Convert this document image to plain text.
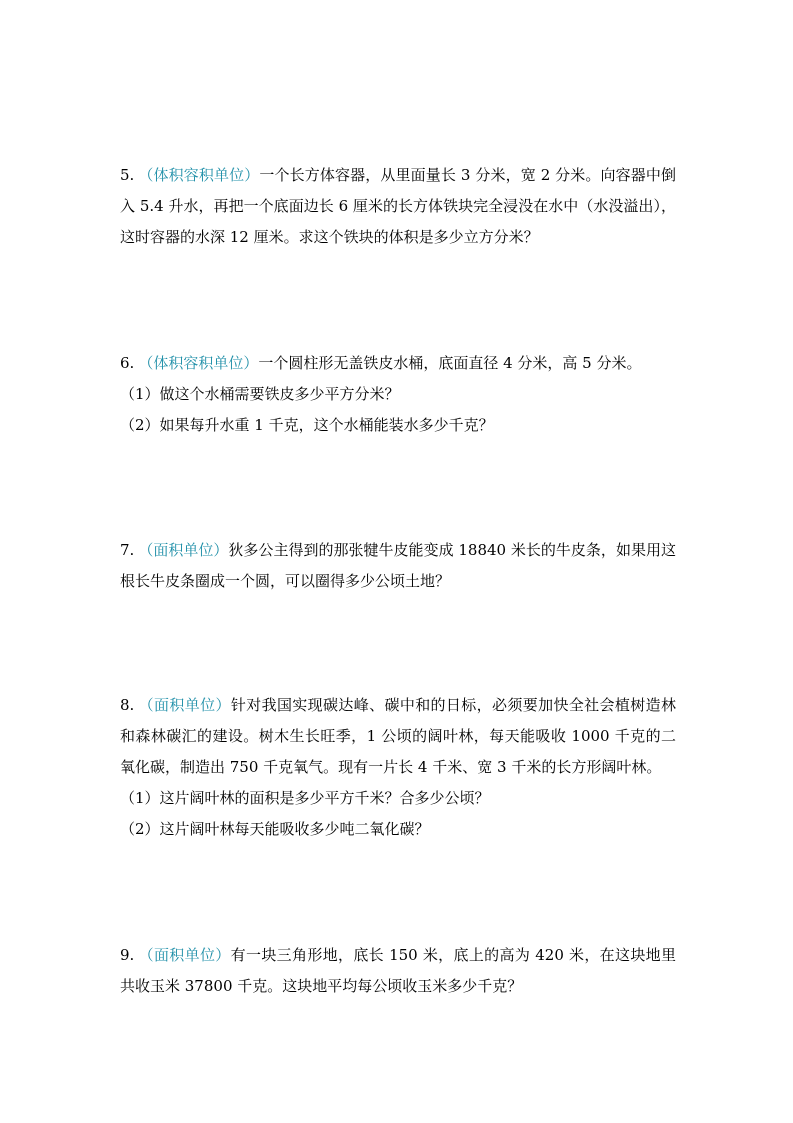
5. （体积容积单位）一个长方体容器，从里面量长 3 分米，宽 2 分米。向容器中倒入 5.4 升水，再把一个底面边长 6 厘米的长方体铁块完全浸没在水中（水没溢出），这时容器的水深 12 厘米。求这个铁块的体积是多少立方分米？

6. （体积容积单位）一个圆柱形无盖铁皮水桶，底面直径 4 分米，高 5 分米。

（1）做这个水桶需要铁皮多少平方分米？

（2）如果每升水重 1 千克，这个水桶能装水多少千克？

7. （面积单位）狄多公主得到的那张犍牛皮能变成 18840 米长的牛皮条，如果用这根长牛皮条圈成一个圆，可以圈得多少公顷土地？

8. （面积单位）针对我国实现碳达峰、碳中和的日标，必须要加快全社会植树造林和森林碳汇的建设。树木生长旺季，1 公顷的阔叶林，每天能吸收 1000 千克的二氧化碳，制造出 750 千克氧气。现有一片长 4 千米、宽 3 千米的长方形阔叶林。

（1）这片阔叶林的面积是多少平方千米？合多少公顷？

（2）这片阔叶林每天能吸收多少吨二氧化碳？

9. （面积单位）有一块三角形地，底长 150 米，底上的高为 420 米，在这块地里共收玉米 37800 千克。这块地平均每公顷收玉米多少千克？
